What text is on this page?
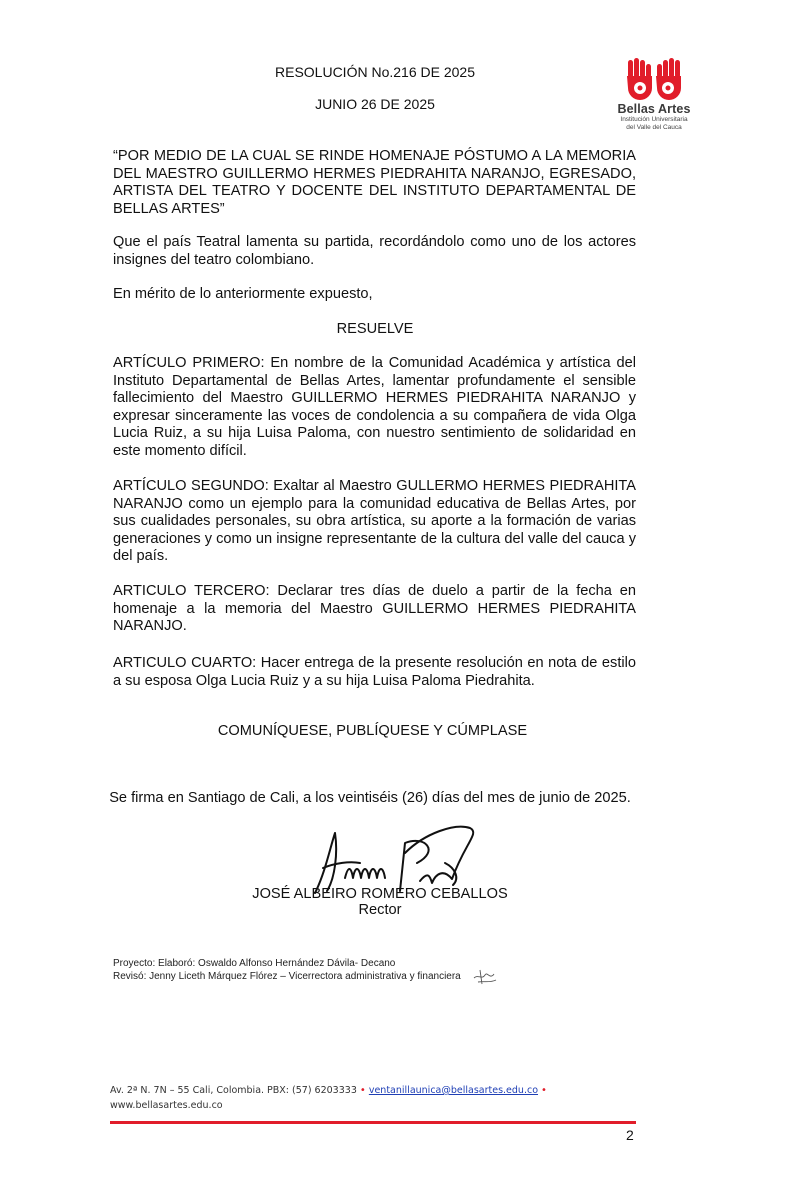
RESOLUCIÓN No.216 DE 2025
JUNIO 26 DE 2025	Bellas Artes
Institución Universitaria
del Valle del Cauca

“POR MEDIO DE LA CUAL SE RINDE HOMENAJE PÓSTUMO A LA MEMORIA DEL MAESTRO GUILLERMO HERMES PIEDRAHITA NARANJO, EGRESADO, ARTISTA DEL TEATRO Y DOCENTE DEL INSTITUTO DEPARTAMENTAL DE BELLAS ARTES”

Que el país Teatral lamenta su partida, recordándolo como uno de los actores insignes del teatro colombiano.

En mérito de lo anteriormente expuesto,

RESUELVE

ARTÍCULO PRIMERO: En nombre de la Comunidad Académica y artística del Instituto Departamental de Bellas Artes, lamentar profundamente el sensible fallecimiento del Maestro GUILLERMO HERMES PIEDRAHITA NARANJO y expresar sinceramente las voces de condolencia a su compañera de vida Olga Lucia Ruiz, a su hija Luisa Paloma, con nuestro sentimiento de solidaridad en este momento difícil.

ARTÍCULO SEGUNDO: Exaltar al Maestro GULLERMO HERMES PIEDRAHITA NARANJO como un ejemplo para la comunidad educativa de Bellas Artes, por sus cualidades personales, su obra artística, su aporte a la formación de varias generaciones y como un insigne representante de la cultura del valle del cauca y del país.

ARTICULO TERCERO: Declarar tres días de duelo a partir de la fecha en homenaje a la memoria del Maestro GUILLERMO HERMES PIEDRAHITA NARANJO.

ARTICULO CUARTO: Hacer entrega de la presente resolución en nota de estilo a su esposa Olga Lucia Ruiz y a su hija Luisa Paloma Piedrahita.

COMUNÍQUESE, PUBLÍQUESE Y CÚMPLASE

Se firma en Santiago de Cali, a los veintiséis (26) días del mes de junio de 2025.

JOSÉ ALBEIRO ROMERO CEBALLOS
Rector
Proyecto: Elaboró: Oswaldo Alfonso Hernández Dávila- Decano
Revisó: Jenny Liceth Márquez Flórez – Vicerrectora administrativa y financiera
Av. 2ª N. 7N – 55 Cali, Colombia. PBX: (57) 6203333 • ventanillaunica@bellasartes.edu.co •
www.bellasartes.edu.co
2
